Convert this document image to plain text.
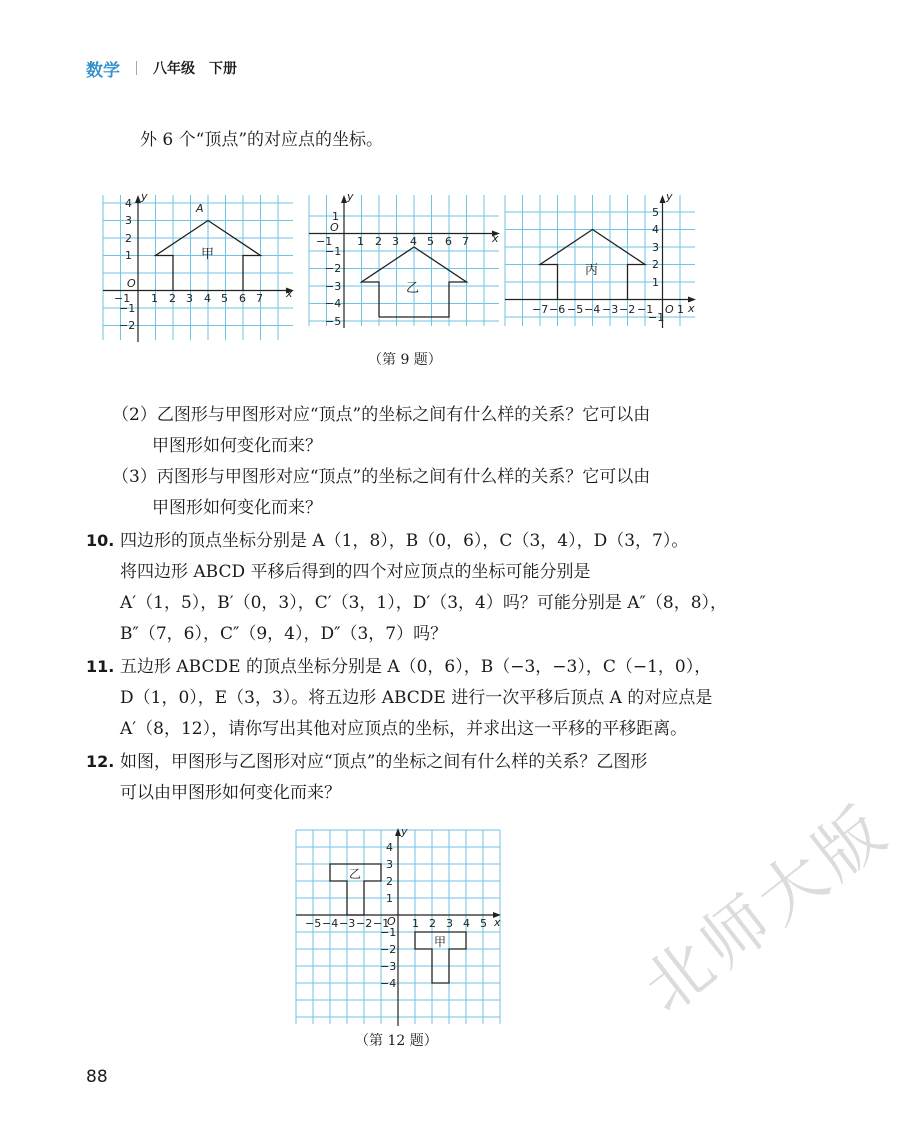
数学 八年级 下册
外 6 个“顶点”的对应点的坐标。
y
x
O
A
甲
−1 1 2 3 4 5 6 7
4
3
2
1
−1
−2
y
x
O
乙
−1 1 2 3 4 5 6 7
1
−1
−2
−3
−4
−5
y
x
O
丙
−7 −6 −5 −4 −3 −2 −1 1
5
4
3
2
1
−1
（第 9 题）
（2）乙图形与甲图形对应“顶点”的坐标之间有什么样的关系？它可以由
甲图形如何变化而来？
（3）丙图形与甲图形对应“顶点”的坐标之间有什么样的关系？它可以由
甲图形如何变化而来？
10. 四边形的顶点坐标分别是 A（1，8），B（0，6），C（3，4），D（3，7）。
将四边形 ABCD 平移后得到的四个对应顶点的坐标可能分别是
A′（1，5），B′（0，3），C′（3，1），D′（3，4）吗？可能分别是 A″（8，8），
B″（7，6），C″（9，4），D″（3，7）吗？
11. 五边形 ABCDE 的顶点坐标分别是 A（0，6），B（−3，−3），C（−1，0），
D（1，0），E（3，3）。将五边形 ABCDE 进行一次平移后顶点 A 的对应点是
A′（8，12），请你写出其他对应顶点的坐标，并求出这一平移的平移距离。
12. 如图，甲图形与乙图形对应“顶点”的坐标之间有什么样的关系？乙图形
可以由甲图形如何变化而来？
y
x
O
乙
甲
−5 −4 −3 −2 −1 1 2 3 4 5
4
3
2
1
−1
−2
−3
−4
（第 12 题）
88
北师大版
